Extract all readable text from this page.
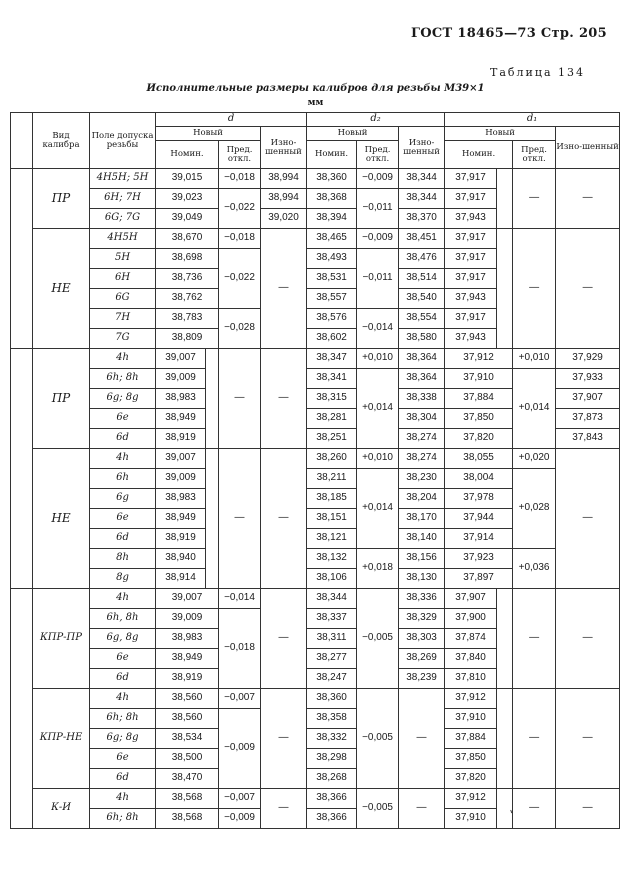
ГОСТ 18465—73 Стр. 205
Таблица 134
Исполнительные размеры калибров для резьбы М39×1
мм
	Вид калибра	Поле допуска резьбы	d				d₂			d₁			
			Новый			Изно-шенный	Новый		Изно-шенный	Новый			Изно-шенный
			Номин.		Пред. откл.		Номин.	Пред. откл.		Номин.		Пред. откл.	
	ПР	4H5H; 5H	39,015		−0,018	38,994	38,360	−0,009	38,344	37,917		—	—
		6H; 7H	39,023		−0,022	38,994	38,368	−0,011	38,344	37,917			
		6G; 7G	39,049			39,020	38,394		38,370	37,943			
	НЕ	4H5H	38,670		−0,018	—	38,465	−0,009	38,451	37,917		—	—
		5H	38,698		−0,022		38,493	−0,011	38,476	37,917			
		6H	38,736				38,531		38,514	37,917			
		6G	38,762				38,557		38,540	37,943			
		7H	38,783		−0,028		38,576	−0,014	38,554	37,917			
		7G	38,809				38,602		38,580	37,943			
	ПР	4h	39,007		—	—	38,347	+0,010	38,364	37,912		+0,010	37,929
		6h; 8h	39,009				38,341	+0,014	38,364	37,910		+0,014	37,933
		6g; 8g	38,983				38,315		38,338	37,884			37,907
		6e	38,949				38,281		38,304	37,850			37,873
		6d	38,919				38,251		38,274	37,820			37,843
	НЕ	4h	39,007		—	—	38,260	+0,010	38,274	38,055		+0,020	—
		6h	39,009				38,211	+0,014	38,230	38,004		+0,028	
		6g	38,983				38,185		38,204	37,978			
		6e	38,949				38,151		38,170	37,944			
		6d	38,919				38,121		38,140	37,914			
		8h	38,940				38,132	+0,018	38,156	37,923		+0,036	
		8g	38,914				38,106		38,130	37,897			
	КПР-ПР	4h	39,007		−0,014	—	38,344	−0,005	38,336	37,907		—	—
		6h, 8h	39,009		−0,018		38,337		38,329	37,900			
		6g, 8g	38,983				38,311		38,303	37,874			
		6e	38,949				38,277		38,269	37,840			
		6d	38,919				38,247		38,239	37,810			
	КПР-НЕ	4h	38,560		−0,007	—	38,360	−0,005	—	37,912		—	—
		6h; 8h	38,560		−0,009		38,358			37,910			
		6g; 8g	38,534				38,332			37,884			
		6e	38,500				38,298			37,850			
		6d	38,470				38,268			37,820			
	К-И	4h	38,568		−0,007	—	38,366	−0,005	—	37,912	не более	—	—
		6h; 8h	38,568		−0,009		38,366			37,910			
